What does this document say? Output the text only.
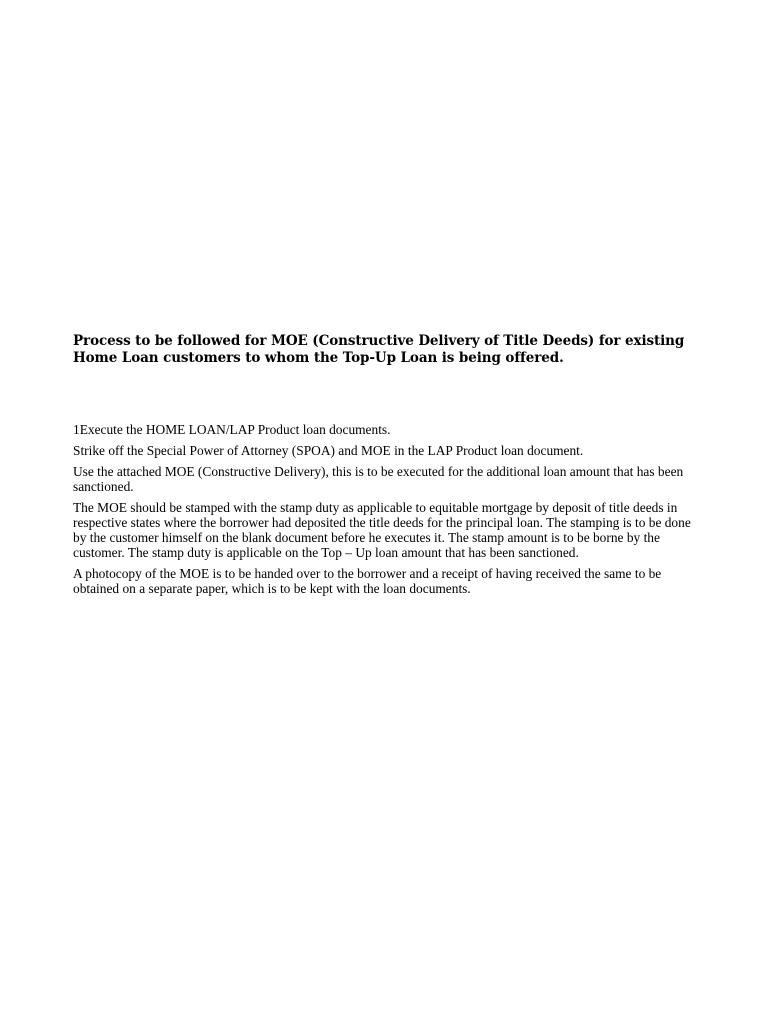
Process to be followed for MOE (Constructive Delivery of Title Deeds) for existing Home Loan customers to whom the Top-Up Loan is being offered.

1Execute the HOME LOAN/LAP Product loan documents.

Strike off the Special Power of Attorney (SPOA) and MOE in the LAP Product loan document.

Use the attached MOE (Constructive Delivery), this is to be executed for the additional loan amount that has been sanctioned.

The MOE should be stamped with the stamp duty as applicable to equitable mortgage by deposit of title deeds in respective states where the borrower had deposited the title deeds for the principal loan. The stamping is to be done by the customer himself on the blank document before he executes it. The stamp amount is to be borne by the customer. The stamp duty is applicable on the Top – Up loan amount that has been sanctioned.

A photocopy of the MOE is to be handed over to the borrower and a receipt of having received the same to be obtained on a separate paper, which is to be kept with the loan documents.
